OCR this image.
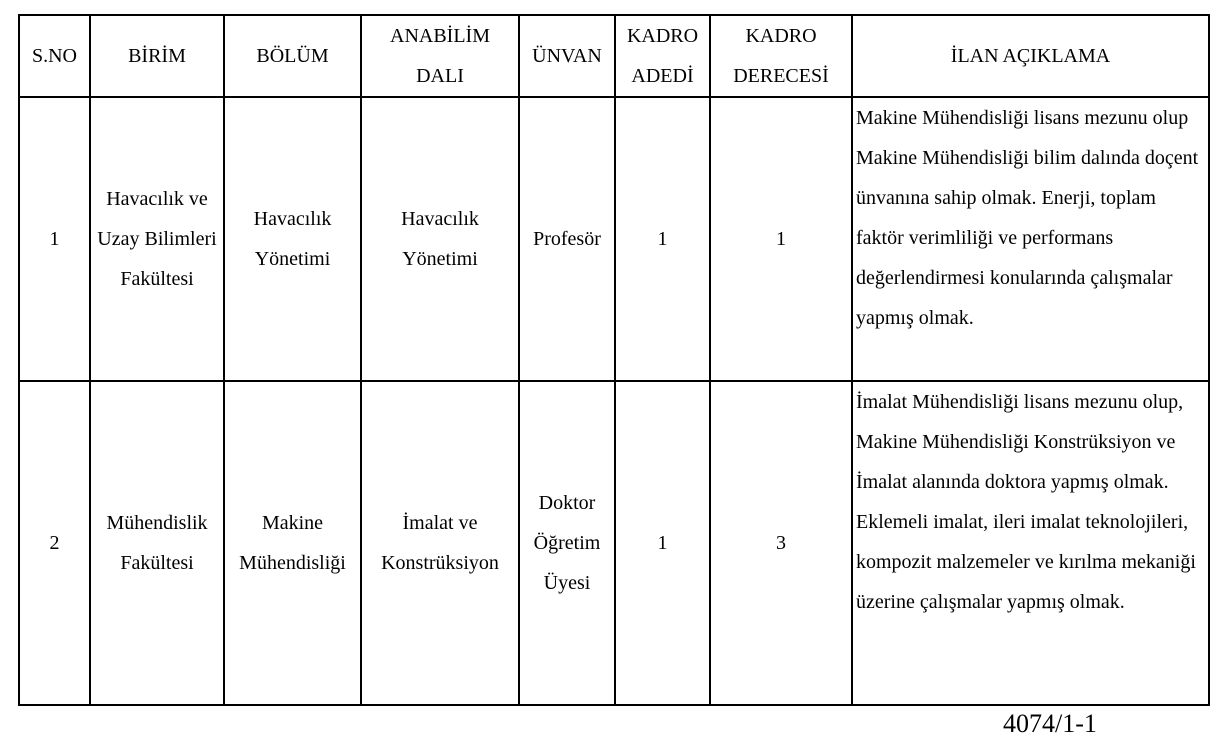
S.NO	BİRİM	BÖLÜM	ANABİLİM DALI	ÜNVAN	KADRO ADEDİ	KADRO DERECESİ	İLAN AÇIKLAMA
1	Havacılık ve Uzay Bilimleri Fakültesi	Havacılık Yönetimi	Havacılık Yönetimi	Profesör	1	1	Makine Mühendisliği lisans mezunu olup Makine Mühendisliği bilim dalında doçent ünvanına sahip olmak. Enerji, toplam faktör verimliliği ve performans değerlendirmesi konularında çalışmalar yapmış olmak.
2	Mühendislik Fakültesi	Makine Mühendisliği	İmalat ve Konstrüksiyon	Doktor Öğretim Üyesi	1	3	İmalat Mühendisliği lisans mezunu olup, Makine Mühendisliği Konstrüksiyon ve İmalat alanında doktora yapmış olmak. Eklemeli imalat, ileri imalat teknolojileri, kompozit malzemeler ve kırılma mekaniği üzerine çalışmalar yapmış olmak.
4074/1-1
